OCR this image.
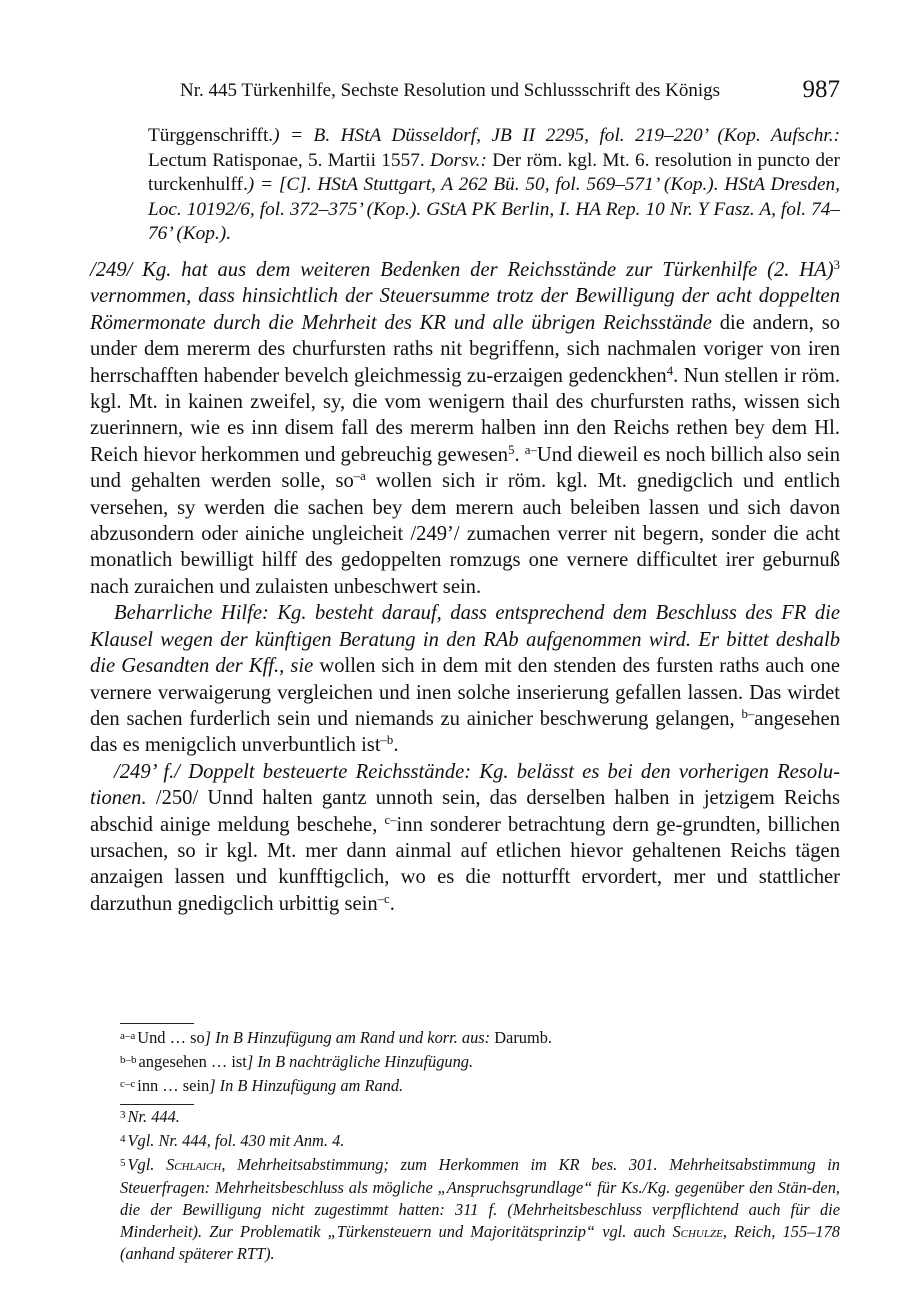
Nr. 445 Türkenhilfe, Sechste Resolution und Schlussschrift des Königs	987
Türggenschrifft.) = B. HStA Düsseldorf, JB II 2295, fol. 219–220’ (Kop. Aufschr.: Lectum Ratisponae, 5. Martii 1557. Dorsv.: Der röm. kgl. Mt. 6. resolution in puncto der turckenhulff.) = [C]. HStA Stuttgart, A 262 Bü. 50, fol. 569–571’ (Kop.). HStA Dresden, Loc. 10192/6, fol. 372–375’ (Kop.). GStA PK Berlin, I. HA Rep. 10 Nr. Y Fasz. A, fol. 74–76’ (Kop.).

/249/ Kg. hat aus dem weiteren Bedenken der Reichsstände zur Türkenhilfe (2. HA)$^3$ vernommen, dass hinsichtlich der Steuersumme trotz der Bewilligung der acht doppelten Römermonate durch die Mehrheit des KR und alle übrigen Reichsstände die andern, so under dem mererm des churfursten raths nit begriffenn, sich nachmalen voriger von iren herrschafften habender bevelch gleichmessig zu-erzaigen gedenckhen$^4$. Nun stellen ir röm. kgl. Mt. in kainen zweifel, sy, die vom wenigern thail des churfursten raths, wissen sich zuerinnern, wie es inn disem fall des mererm halben inn den Reichs rethen bey dem Hl. Reich hievor herkommen und gebreuchig gewesen$^5$. $^{a-}$Und dieweil es noch billich also sein und gehalten werden solle, $so^{-a}$ wollen sich ir röm. kgl. Mt. gnedigclich und entlich versehen, sy werden die sachen bey dem merern auch beleiben lassen und sich davon abzusondern oder ainiche ungleicheit /249’/ zumachen verrer nit begern, sonder die acht monatlich bewilligt hilff des gedoppelten romzugs one vernere difficultet irer geburnuß nach zuraichen und zulaisten unbeschwert sein.

Beharrliche Hilfe: Kg. besteht darauf, dass entsprechend dem Beschluss des FR die Klausel wegen der künftigen Beratung in den RAb aufgenommen wird. Er bittet deshalb die Gesandten der Kff., sie wollen sich in dem mit den stenden des fursten raths auch one vernere verwaigerung vergleichen und inen solche inserierung gefallen lassen. Das wirdet den sachen furderlich sein und niemands zu ainicher beschwerung gelangen, $^{b-}$angesehen das es menigclich unverbuntlich ist$^{-b}$.

/249’ f./ Doppelt besteuerte Reichsstände: Kg. belässt es bei den vorherigen Resolu-tionen. /250/ Unnd halten gantz unnoth sein, das derselben halben in jetzigem Reichs abschid ainige meldung beschehe, $^{c-}$inn sonderer betrachtung dern ge-grundten, billichen ursachen, so ir kgl. Mt. mer dann ainmal auf etlichen hievor gehaltenen Reichs tägen anzaigen lassen und kunfftigclich, wo es die notturfft ervordert, mer und stattlicher darzuthun gnedigclich urbittig sein$^{-c}$.

$^{a-a}$ Und … so] In B Hinzufügung am Rand und korr. aus: Darumb.

$^{b-b}$ angesehen … ist] In B nachträgliche Hinzufügung.

$^{c-c}$ inn … sein] In B Hinzufügung am Rand.

$^3$ Nr. 444.

$^4$ Vgl. Nr. 444, fol. 430 mit Anm. 4.

$^5$ Vgl. Schlaich, Mehrheitsabstimmung; zum Herkommen im KR bes. 301. Mehrheitsabstimmung in Steuerfragen: Mehrheitsbeschluss als mögliche „Anspruchsgrundlage“ für Ks./Kg. gegenüber den Stän-den, die der Bewilligung nicht zugestimmt hatten: 311 f. (Mehrheitsbeschluss verpflichtend auch für die Minderheit). Zur Problematik „Türkensteuern und Majoritätsprinzip“ vgl. auch Schulze, Reich, 155–178 (anhand späterer RTT).
